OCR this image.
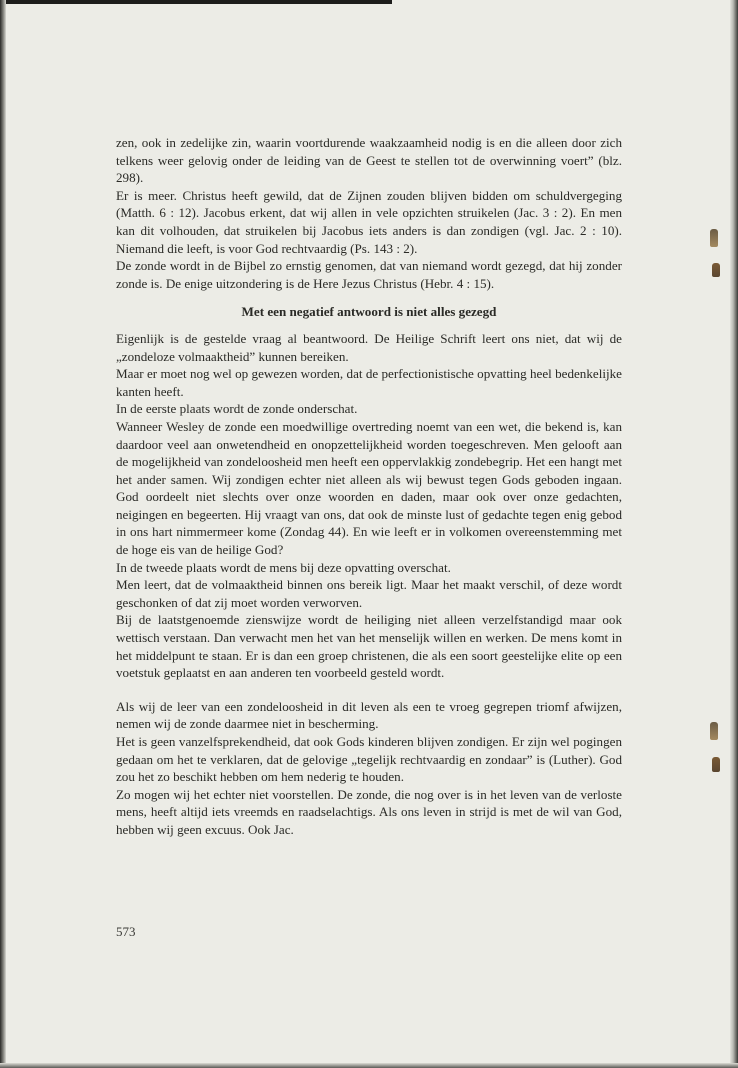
zen, ook in zedelijke zin, waarin voortdurende waakzaamheid nodig is en die alleen door zich telkens weer gelovig onder de leiding van de Geest te stellen tot de overwinning voert” (blz. 298).

Er is meer. Christus heeft gewild, dat de Zijnen zouden blijven bidden om schuldvergeging (Matth. 6 : 12). Jacobus erkent, dat wij allen in vele opzichten struikelen (Jac. 3 : 2). En men kan dit volhouden, dat struikelen bij Jacobus iets anders is dan zondigen (vgl. Jac. 2 : 10). Niemand die leeft, is voor God rechtvaardig (Ps. 143 : 2).

De zonde wordt in de Bijbel zo ernstig genomen, dat van niemand wordt gezegd, dat hij zonder zonde is. De enige uitzondering is de Here Jezus Christus (Hebr. 4 : 15).

Met een negatief antwoord is niet alles gezegd

Eigenlijk is de gestelde vraag al beantwoord. De Heilige Schrift leert ons niet, dat wij de „zondeloze volmaaktheid” kunnen bereiken.

Maar er moet nog wel op gewezen worden, dat de perfectionistische opvatting heel bedenkelijke kanten heeft.

In de eerste plaats wordt de zonde onderschat.

Wanneer Wesley de zonde een moedwillige overtreding noemt van een wet, die bekend is, kan daardoor veel aan onwetendheid en onopzettelijkheid worden toegeschreven. Men gelooft aan de mogelijkheid van zondeloosheid men heeft een oppervlakkig zondebegrip. Het een hangt met het ander samen. Wij zondigen echter niet alleen als wij bewust tegen Gods geboden ingaan. God oordeelt niet slechts over onze woorden en daden, maar ook over onze gedachten, neigingen en begeerten. Hij vraagt van ons, dat ook de minste lust of gedachte tegen enig gebod in ons hart nimmermeer kome (Zondag 44). En wie leeft er in volkomen overeenstemming met de hoge eis van de heilige God?

In de tweede plaats wordt de mens bij deze opvatting overschat.

Men leert, dat de volmaaktheid binnen ons bereik ligt. Maar het maakt verschil, of deze wordt geschonken of dat zij moet worden verworven.

Bij de laatstgenoemde zienswijze wordt de heiliging niet alleen verzelfstandigd maar ook wettisch verstaan. Dan verwacht men het van het menselijk willen en werken. De mens komt in het middelpunt te staan. Er is dan een groep christenen, die als een soort geestelijke elite op een voetstuk geplaatst en aan anderen ten voorbeeld gesteld wordt.

Als wij de leer van een zondeloosheid in dit leven als een te vroeg gegrepen triomf afwijzen, nemen wij de zonde daarmee niet in bescherming.

Het is geen vanzelfsprekendheid, dat ook Gods kinderen blijven zondigen. Er zijn wel pogingen gedaan om het te verklaren, dat de gelovige „tegelijk rechtvaardig en zondaar” is (Luther). God zou het zo beschikt hebben om hem nederig te houden.

Zo mogen wij het echter niet voorstellen. De zonde, die nog over is in het leven van de verloste mens, heeft altijd iets vreemds en raadselachtigs. Als ons leven in strijd is met de wil van God, hebben wij geen excuus. Ook Jac.

573
